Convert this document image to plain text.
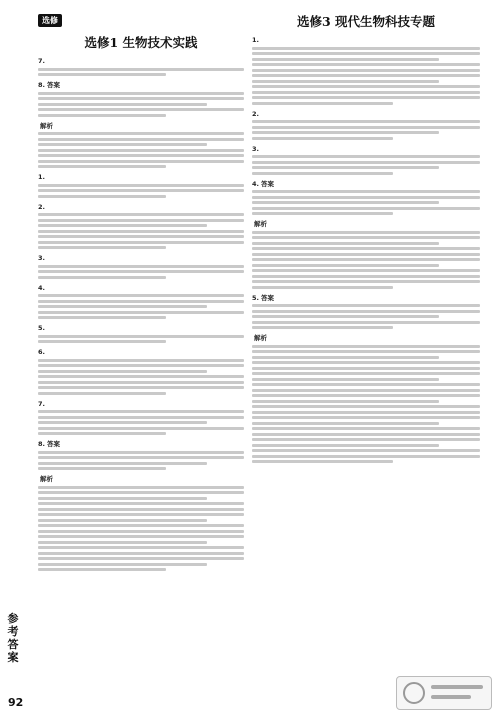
选修
选修1 生物技术实践
7.
8. 答案
解析
1.
2.
3.
4.
5.
6.
7.
8. 答案
解析
选修3 现代生物科技专题
1.
2.
3.
4. 答案
解析
5. 答案
解析
参考答案
92
